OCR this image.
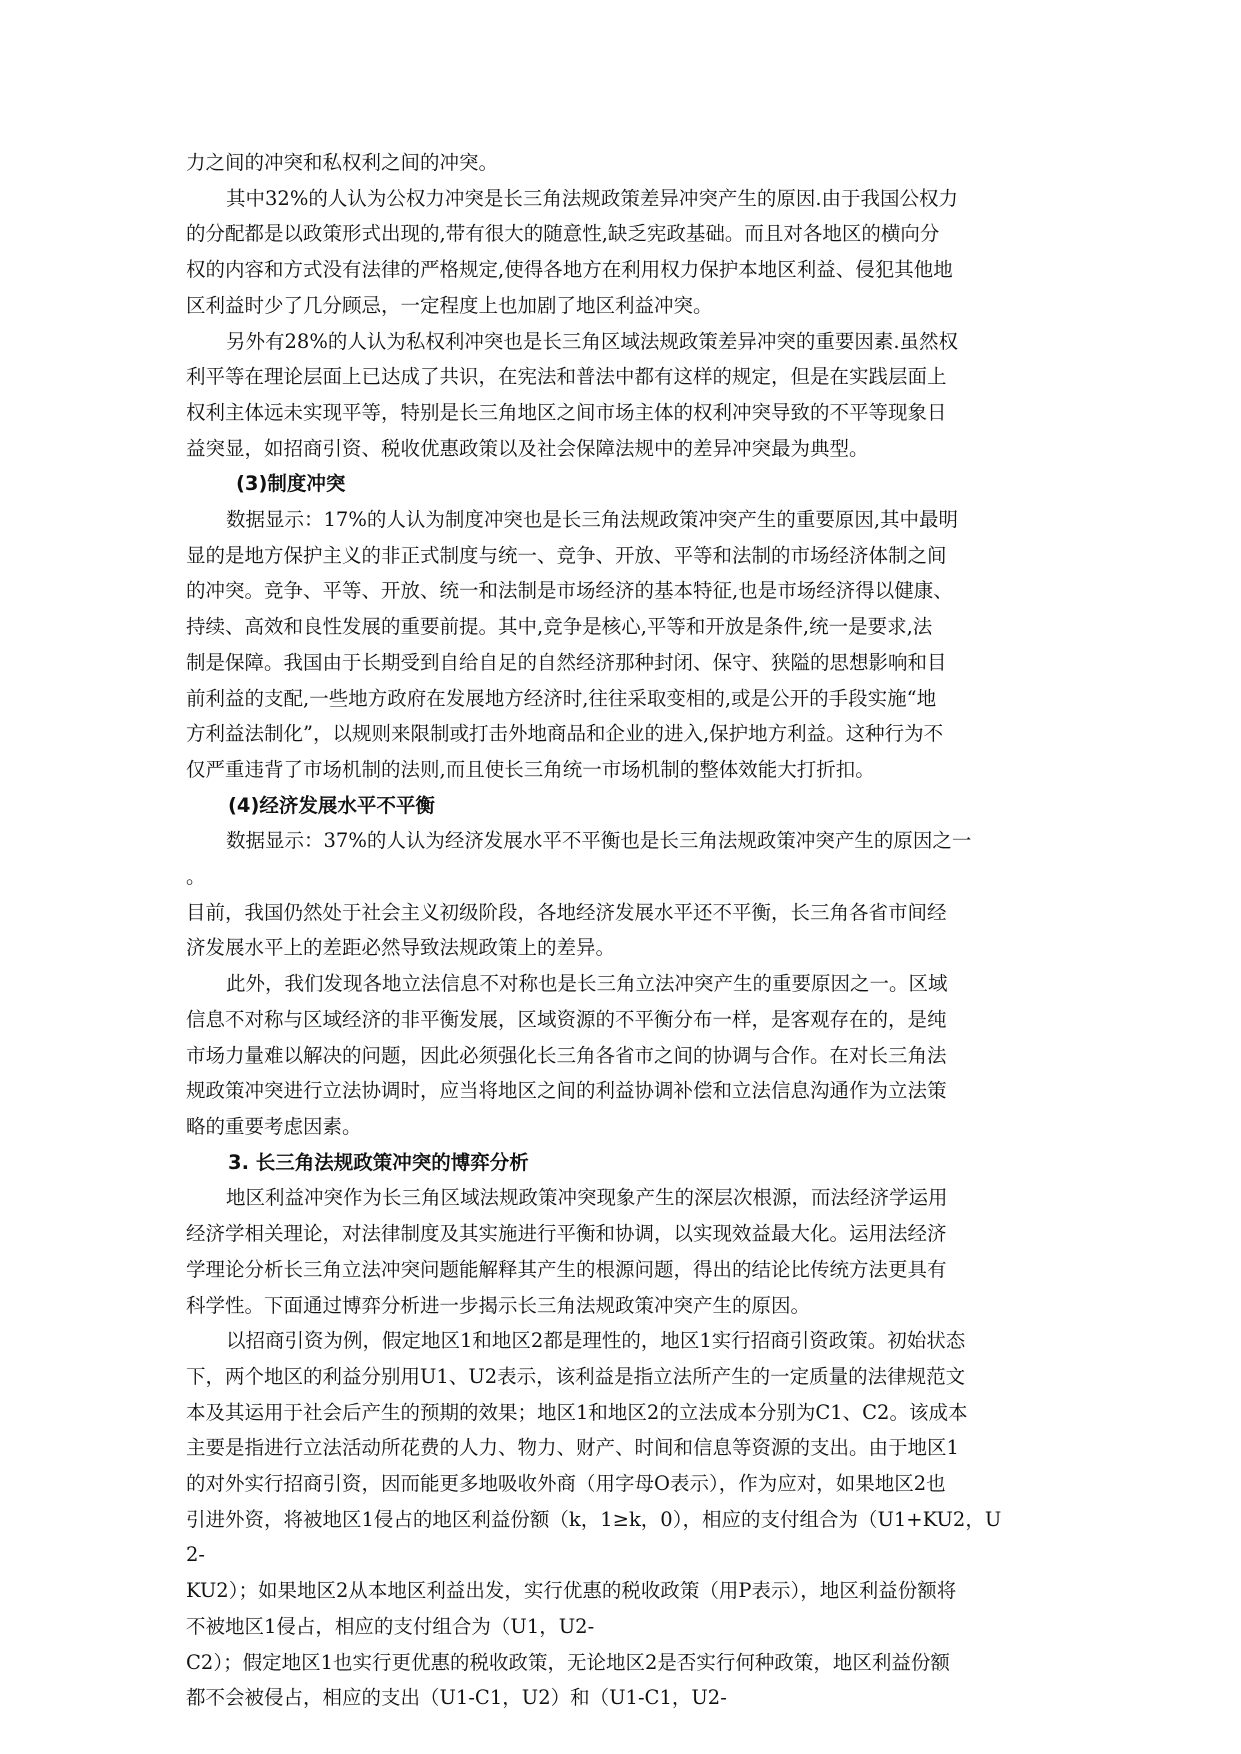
力之间的冲突和私权利之间的冲突。
其中32%的人认为公权力冲突是长三角法规政策差异冲突产生的原因.由于我国公权力
的分配都是以政策形式出现的,带有很大的随意性,缺乏宪政基础。而且对各地区的横向分
权的内容和方式没有法律的严格规定,使得各地方在利用权力保护本地区利益、侵犯其他地
区利益时少了几分顾忌，一定程度上也加剧了地区利益冲突。
另外有28%的人认为私权利冲突也是长三角区域法规政策差异冲突的重要因素.虽然权
利平等在理论层面上已达成了共识，在宪法和普法中都有这样的规定，但是在实践层面上
权利主体远未实现平等，特别是长三角地区之间市场主体的权利冲突导致的不平等现象日
益突显，如招商引资、税收优惠政策以及社会保障法规中的差异冲突最为典型。
(3)制度冲突
数据显示：17%的人认为制度冲突也是长三角法规政策冲突产生的重要原因,其中最明
显的是地方保护主义的非正式制度与统一、竞争、开放、平等和法制的市场经济体制之间
的冲突。竞争、平等、开放、统一和法制是市场经济的基本特征,也是市场经济得以健康、
持续、高效和良性发展的重要前提。其中,竞争是核心,平等和开放是条件,统一是要求,法
制是保障。我国由于长期受到自给自足的自然经济那种封闭、保守、狭隘的思想影响和目
前利益的支配,一些地方政府在发展地方经济时,往往采取变相的,或是公开的手段实施“地
方利益法制化”，以规则来限制或打击外地商品和企业的进入,保护地方利益。这种行为不
仅严重违背了市场机制的法则,而且使长三角统一市场机制的整体效能大打折扣。
(4)经济发展水平不平衡
数据显示：37%的人认为经济发展水平不平衡也是长三角法规政策冲突产生的原因之一
。
目前，我国仍然处于社会主义初级阶段，各地经济发展水平还不平衡，长三角各省市间经
济发展水平上的差距必然导致法规政策上的差异。
此外，我们发现各地立法信息不对称也是长三角立法冲突产生的重要原因之一。区域
信息不对称与区域经济的非平衡发展，区域资源的不平衡分布一样，是客观存在的，是纯
市场力量难以解决的问题，因此必须强化长三角各省市之间的协调与合作。在对长三角法
规政策冲突进行立法协调时，应当将地区之间的利益协调补偿和立法信息沟通作为立法策
略的重要考虑因素。
3. 长三角法规政策冲突的博弈分析
地区利益冲突作为长三角区域法规政策冲突现象产生的深层次根源，而法经济学运用
经济学相关理论，对法律制度及其实施进行平衡和协调，以实现效益最大化。运用法经济
学理论分析长三角立法冲突问题能解释其产生的根源问题，得出的结论比传统方法更具有
科学性。下面通过博弈分析进一步揭示长三角法规政策冲突产生的原因。
以招商引资为例，假定地区1和地区2都是理性的，地区1实行招商引资政策。初始状态
下，两个地区的利益分别用U1、U2表示，该利益是指立法所产生的一定质量的法律规范文
本及其运用于社会后产生的预期的效果；地区1和地区2的立法成本分别为C1、C2。该成本
主要是指进行立法活动所花费的人力、物力、财产、时间和信息等资源的支出。由于地区1
的对外实行招商引资，因而能更多地吸收外商（用字母O表示），作为应对，如果地区2也
引进外资，将被地区1侵占的地区利益份额（k，1≥k，0），相应的支付组合为（U1+KU2，U
2-
KU2）；如果地区2从本地区利益出发，实行优惠的税收政策（用P表示），地区利益份额将
不被地区1侵占，相应的支付组合为（U1，U2-
C2）；假定地区1也实行更优惠的税收政策，无论地区2是否实行何种政策，地区利益份额
都不会被侵占，相应的支出（U1-C1，U2）和（U1-C1，U2-
